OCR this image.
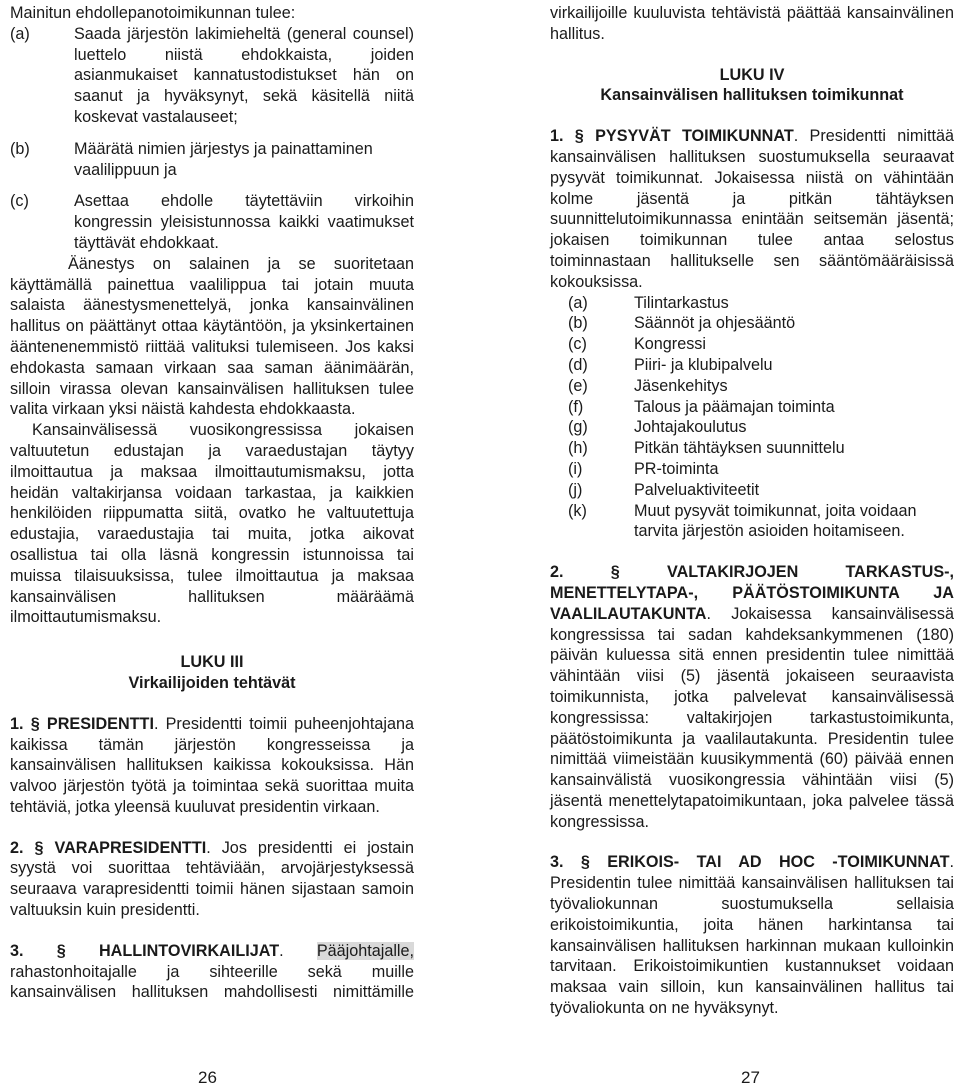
Mainitun ehdollepanotoimikunnan tulee:

(a)	Saada järjestön lakimieheltä (general counsel) luettelo niistä ehdokkaista, joiden asianmukaiset kannatustodistukset hän on saanut ja hyväksynyt, sekä käsitellä niitä koskevat vastalauseet;
(b)	Määrätä nimien järjestys ja painattaminen vaalilippuun ja
(c)	Asettaa ehdolle täytettäviin virkoihin kongressin yleisistunnossa kaikki vaatimukset täyttävät ehdokkaat.

Äänestys on salainen ja se suoritetaan käyttämällä painettua vaalilippua tai jotain muuta salaista äänestysmenettelyä, jonka kansainvälinen hallitus on päättänyt ottaa käytäntöön, ja yksinkertainen ääntenenemmistö riittää valituksi tulemiseen. Jos kaksi ehdokasta samaan virkaan saa saman äänimäärän, silloin virassa olevan kansainvälisen hallituksen tulee valita virkaan yksi näistä kahdesta ehdokkaasta.

Kansainvälisessä vuosikongressissa jokaisen valtuutetun edustajan ja varaedustajan täytyy ilmoittautua ja maksaa ilmoittautumismaksu, jotta heidän valtakirjansa voidaan tarkastaa, ja kaikkien henkilöiden riippumatta siitä, ovatko he valtuutettuja edustajia, varaedustajia tai muita, jotka aikovat osallistua tai olla läsnä kongressin istunnoissa tai muissa tilaisuuksissa, tulee ilmoittautua ja maksaa kansainvälisen hallituksen määräämä ilmoittautumismaksu.

LUKU III

Virkailijoiden tehtävät

1. § PRESIDENTTI. Presidentti toimii puheenjohtajana kaikissa tämän järjestön kongresseissa ja kansainvälisen hallituksen kaikissa kokouksissa. Hän valvoo järjestön työtä ja toimintaa sekä suorittaa muita tehtäviä, jotka yleensä kuuluvat presidentin virkaan.

2. § VARAPRESIDENTTI. Jos presidentti ei jostain syystä voi suorittaa tehtäviään, arvojärjestyksessä seuraava varapresidentti toimii hänen sijastaan samoin valtuuksin kuin presidentti.

3. § HALLINTOVIRKAILIJAT. Pääjohtajalle, rahastonhoitajalle ja sihteerille sekä muille kansainvälisen hallituksen mahdollisesti nimittämille

26

virkailijoille kuuluvista tehtävistä päättää kansainvälinen hallitus.

LUKU IV

Kansainvälisen hallituksen toimikunnat

1. § PYSYVÄT TOIMIKUNNAT. Presidentti nimittää kansainvälisen hallituksen suostumuksella seuraavat pysyvät toimikunnat. Jokaisessa niistä on vähintään kolme jäsentä ja pitkän tähtäyksen suunnittelutoimikunnassa enintään seitsemän jäsentä; jokaisen toimikunnan tulee antaa selostus toiminnastaan hallitukselle sen sääntömääräisissä kokouksissa.

(a)	Tilintarkastus
(b)	Säännöt ja ohjesääntö
(c)	Kongressi
(d)	Piiri- ja klubipalvelu
(e)	Jäsenkehitys
(f)	Talous ja päämajan toiminta
(g)	Johtajakoulutus
(h)	Pitkän tähtäyksen suunnittelu
(i)	PR-toiminta
(j)	Palveluaktiviteetit
(k)	Muut pysyvät toimikunnat, joita voidaan tarvita järjestön asioiden hoitamiseen.

2. §	VALTAKIRJOJEN TARKASTUS-, MENETTELYTAPA-, PÄÄTÖSTOIMIKUNTA JA VAALILAUTAKUNTA. Jokaisessa kansainvälisessä kongressissa tai sadan kahdeksankymmenen (180) päivän kuluessa sitä ennen presidentin tulee nimittää vähintään viisi (5) jäsentä jokaiseen seuraavista toimikunnista, jotka palvelevat kansainvälisessä kongressissa: valtakirjojen tarkastustoimikunta, päätöstoimikunta ja vaalilautakunta. Presidentin tulee nimittää viimeistään kuusikymmentä (60) päivää ennen kansainvälistä vuosikongressia vähintään viisi (5) jäsentä menettelytapatoimikuntaan, joka palvelee tässä kongressissa.

3. § ERIKOIS- TAI AD HOC -TOIMIKUNNAT. Presidentin tulee nimittää kansainvälisen hallituksen tai työvaliokunnan suostumuksella sellaisia erikoistoimikuntia, joita hänen harkintansa tai kansainvälisen hallituksen harkinnan mukaan kulloinkin tarvitaan. Erikoistoimikuntien kustannukset voidaan maksaa vain silloin, kun kansainvälinen hallitus tai työvaliokunta on ne hyväksynyt.

27
